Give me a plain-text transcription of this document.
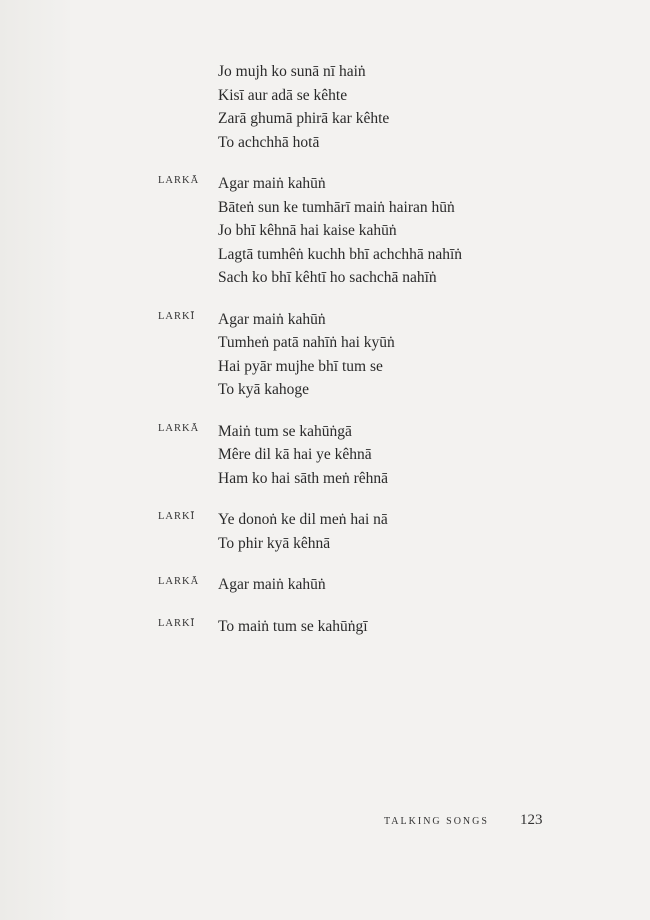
Jo mujh ko sunā nī haiṅ
Kisī aur adā se kêhte
Zarā ghumā phirā kar kêhte
To achchhā hotā
LARKĀ Agar maiṅ kahūṅ
Bāteṅ sun ke tumhārī maiṅ hairan hūṅ
Jo bhī kêhnā hai kaise kahūṅ
Lagtā tumhêṅ kuchh bhī achchhā nahīṅ
Sach ko bhī kêhtī ho sachchā nahīṅ
LARKĪ Agar maiṅ kahūṅ
Tumheṅ patā nahīṅ hai kyūṅ
Hai pyār mujhe bhī tum se
To kyā kahoge
LARKĀ Maiṅ tum se kahūṅgā
Mêre dil kā hai ye kêhnā
Ham ko hai sāth meṅ rêhnā
LARKĪ Ye donoṅ ke dil meṅ hai nā
To phir kyā kêhnā
LARKĀ Agar maiṅ kahūṅ
LARKĪ To maiṅ tum se kahūṅgī
TALKING SONGS 123
